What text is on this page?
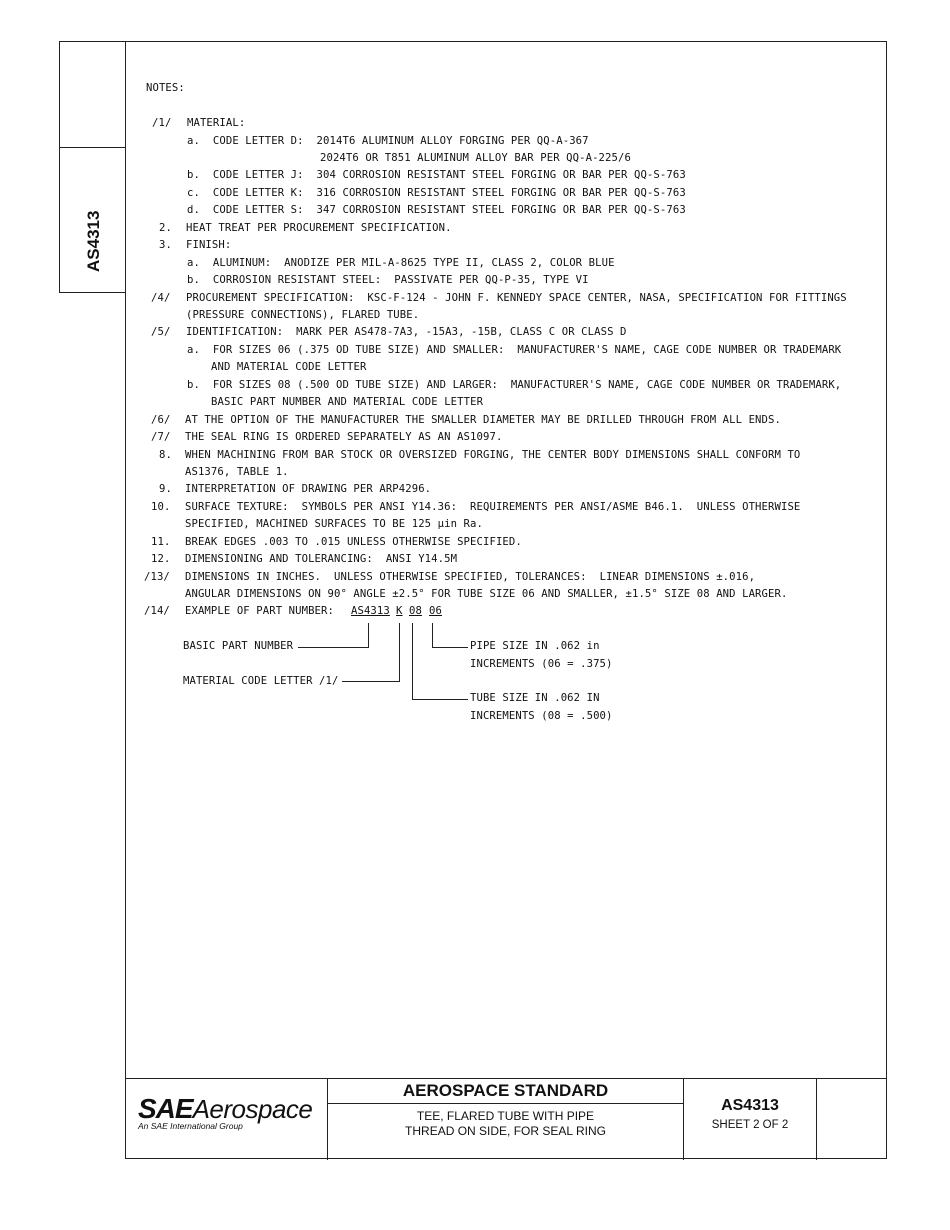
AS4313
NOTES:
/1/ MATERIAL:
a.  CODE LETTER D:  2014T6 ALUMINUM ALLOY FORGING PER QQ-A-367
2024T6 OR T851 ALUMINUM ALLOY BAR PER QQ-A-225/6
b.  CODE LETTER J:  304 CORROSION RESISTANT STEEL FORGING OR BAR PER QQ-S-763
c.  CODE LETTER K:  316 CORROSION RESISTANT STEEL FORGING OR BAR PER QQ-S-763
d.  CODE LETTER S:  347 CORROSION RESISTANT STEEL FORGING OR BAR PER QQ-S-763
2. HEAT TREAT PER PROCUREMENT SPECIFICATION.
3. FINISH:
a.  ALUMINUM:  ANODIZE PER MIL-A-8625 TYPE II, CLASS 2, COLOR BLUE
b.  CORROSION RESISTANT STEEL:  PASSIVATE PER QQ-P-35, TYPE VI
/4/ PROCUREMENT SPECIFICATION:  KSC-F-124 - JOHN F. KENNEDY SPACE CENTER, NASA, SPECIFICATION FOR FITTINGS
(PRESSURE CONNECTIONS), FLARED TUBE.
/5/ IDENTIFICATION:  MARK PER AS478-7A3, -15A3, -15B, CLASS C OR CLASS D
a.  FOR SIZES 06 (.375 OD TUBE SIZE) AND SMALLER:  MANUFACTURER'S NAME, CAGE CODE NUMBER OR TRADEMARK
AND MATERIAL CODE LETTER
b.  FOR SIZES 08 (.500 OD TUBE SIZE) AND LARGER:  MANUFACTURER'S NAME, CAGE CODE NUMBER OR TRADEMARK,
BASIC PART NUMBER AND MATERIAL CODE LETTER
/6/ AT THE OPTION OF THE MANUFACTURER THE SMALLER DIAMETER MAY BE DRILLED THROUGH FROM ALL ENDS.
/7/ THE SEAL RING IS ORDERED SEPARATELY AS AN AS1097.
8. WHEN MACHINING FROM BAR STOCK OR OVERSIZED FORGING, THE CENTER BODY DIMENSIONS SHALL CONFORM TO
AS1376, TABLE 1.
9. INTERPRETATION OF DRAWING PER ARP4296.
10. SURFACE TEXTURE:  SYMBOLS PER ANSI Y14.36:  REQUIREMENTS PER ANSI/ASME B46.1.  UNLESS OTHERWISE
SPECIFIED, MACHINED SURFACES TO BE 125 μin Ra.
11. BREAK EDGES .003 TO .015 UNLESS OTHERWISE SPECIFIED.
12. DIMENSIONING AND TOLERANCING:  ANSI Y14.5M
/13/ DIMENSIONS IN INCHES.  UNLESS OTHERWISE SPECIFIED, TOLERANCES:  LINEAR DIMENSIONS ±.016,
ANGULAR DIMENSIONS ON 90° ANGLE ±2.5° FOR TUBE SIZE 06 AND SMALLER, ±1.5° SIZE 08 AND LARGER.
/14/ EXAMPLE OF PART NUMBER: AS4313 K 08 06
BASIC PART NUMBER	PIPE SIZE IN .062 in
INCREMENTS (06 = .375)
MATERIAL CODE LETTER /1/
TUBE SIZE IN .062 IN
INCREMENTS (08 = .500)
SAEAerospace
An SAE International Group
AEROSPACE STANDARD
TEE, FLARED TUBE WITH PIPE
THREAD ON SIDE, FOR SEAL RING
AS4313
SHEET 2 OF 2
